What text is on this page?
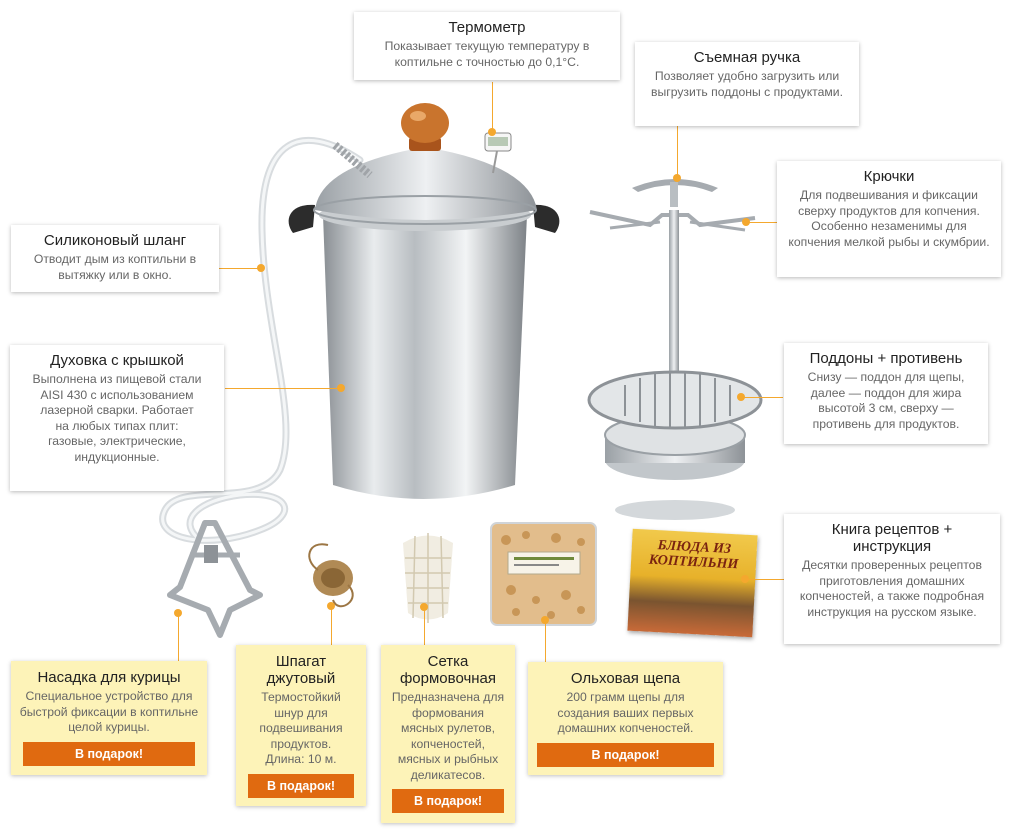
БЛЮДА ИЗ КОПТИЛЬНИ
Термометр
Показывает текущую температуру в коптильне с точностью до 0,1°С.	Съемная ручка
Позволяет удобно загрузить или выгрузить поддоны с продуктами.
Крючки
Для подвешивания и фиксации сверху продуктов для копчения. Особенно незаменимы для копчения мелкой рыбы и скумбрии.
Силиконовый шланг
Отводит дым из коптильни в вытяжку или в окно.
Духовка с крышкой
Выполнена из пищевой стали AISI 430 с использованием лазерной сварки. Работает на любых типах плит: газовые, электрические, индукционные.
Поддоны + противень
Снизу — поддон для щепы, далее — поддон для жира высотой 3 см, сверху — противень для продуктов.
Книга рецептов + инструкция
Десятки проверенных рецептов приготовления домашних копченостей, а также подробная инструкция на русском языке.
Насадка для курицы
Специальное устройство для быстрой фиксации в коптильне целой курицы.
В подарок!
Шпагат джутовый
Термостойкий шнур для подвешивания продуктов. Длина: 10 м.
В подарок!
Сетка формовочная
Предназначена для формования мясных рулетов, копченостей, мясных и рыбных деликатесов.
В подарок!
Ольховая щепа
200 грамм щепы для создания ваших первых домашних копченостей.
В подарок!
